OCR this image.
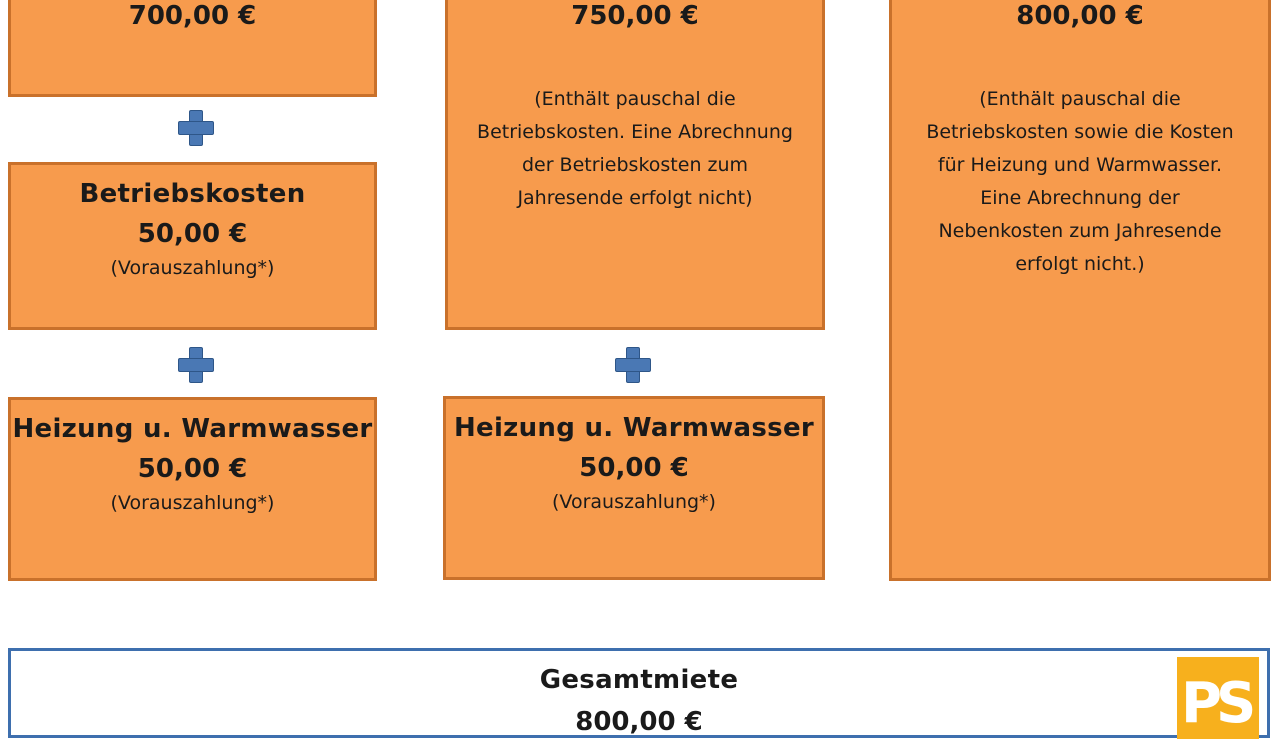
700,00 €
Betriebskosten
50,00 €
(Vorauszahlung*)
Heizung u. Warmwasser
50,00 €
(Vorauszahlung*)
750,00 €
(Enthält pauschal die
Betriebskosten. Eine Abrechnung
der Betriebskosten zum
Jahresende erfolgt nicht)
Heizung u. Warmwasser
50,00 €
(Vorauszahlung*)
800,00 €
(Enthält pauschal die
Betriebskosten sowie die Kosten
für Heizung und Warmwasser.
Eine Abrechnung der
Nebenkosten zum Jahresende
erfolgt nicht.)
Gesamtmiete
800,00 €	PS
